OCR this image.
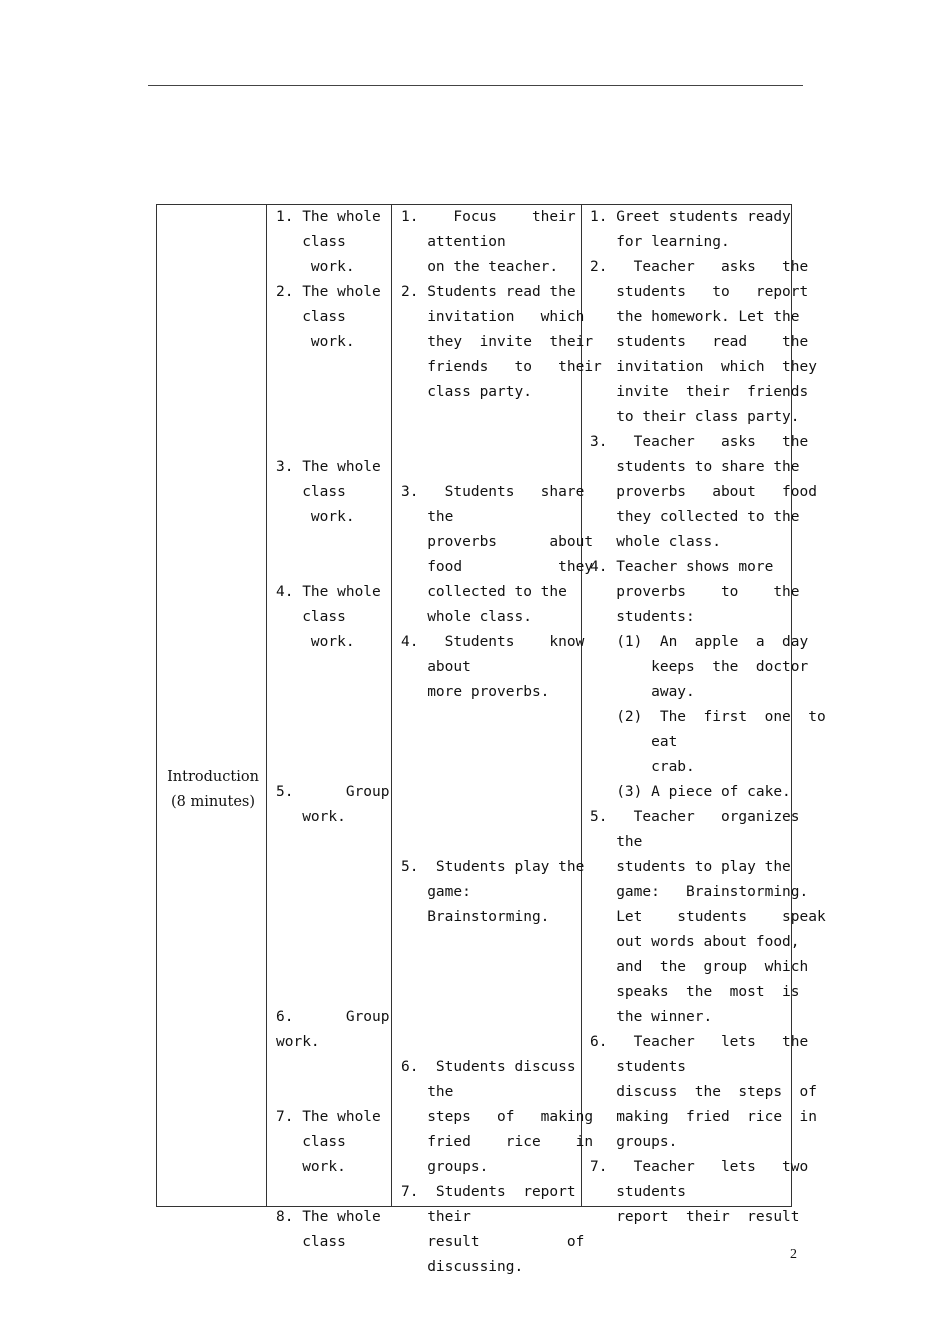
Introduction
(8 minutes)
1. The whole
class
work.
2. The whole
class
work.
3. The whole
class
work.
4. The whole
class
work.
5.      Group
work.
6.      Group
work.
7. The whole
class
work.
8. The whole
class
1.    Focus    their
attention
on the teacher.
2. Students read the
invitation   which
they  invite  their
friends   to   their
class party.
3.   Students   share
the
proverbs      about
food           they
collected to the
whole class.
4.   Students    know
about
more proverbs.
5.  Students play the
game:
Brainstorming.
6.  Students discuss
the
steps   of   making
fried    rice    in
groups.
7.  Students  report
their
result          of
discussing.
1. Greet students ready
for learning.
2.   Teacher   asks   the
students   to   report
the homework. Let the
students   read    the
invitation  which  they
invite  their  friends
to their class party.
3.   Teacher   asks   the
students to share the
proverbs   about   food
they collected to the
whole class.
4. Teacher shows more
proverbs    to    the
students:
(1)  An  apple  a  day
keeps  the  doctor
away.
(2)  The  first  one  to
eat
crab.
(3) A piece of cake.
5.   Teacher   organizes
the
students to play the
game:   Brainstorming.
Let    students    speak
out words about food,
and  the  group  which
speaks  the  most  is
the winner.
6.   Teacher   lets   the
students
discuss  the  steps  of
making  fried  rice  in
groups.
7.   Teacher   lets   two
students
report  their  result
2
